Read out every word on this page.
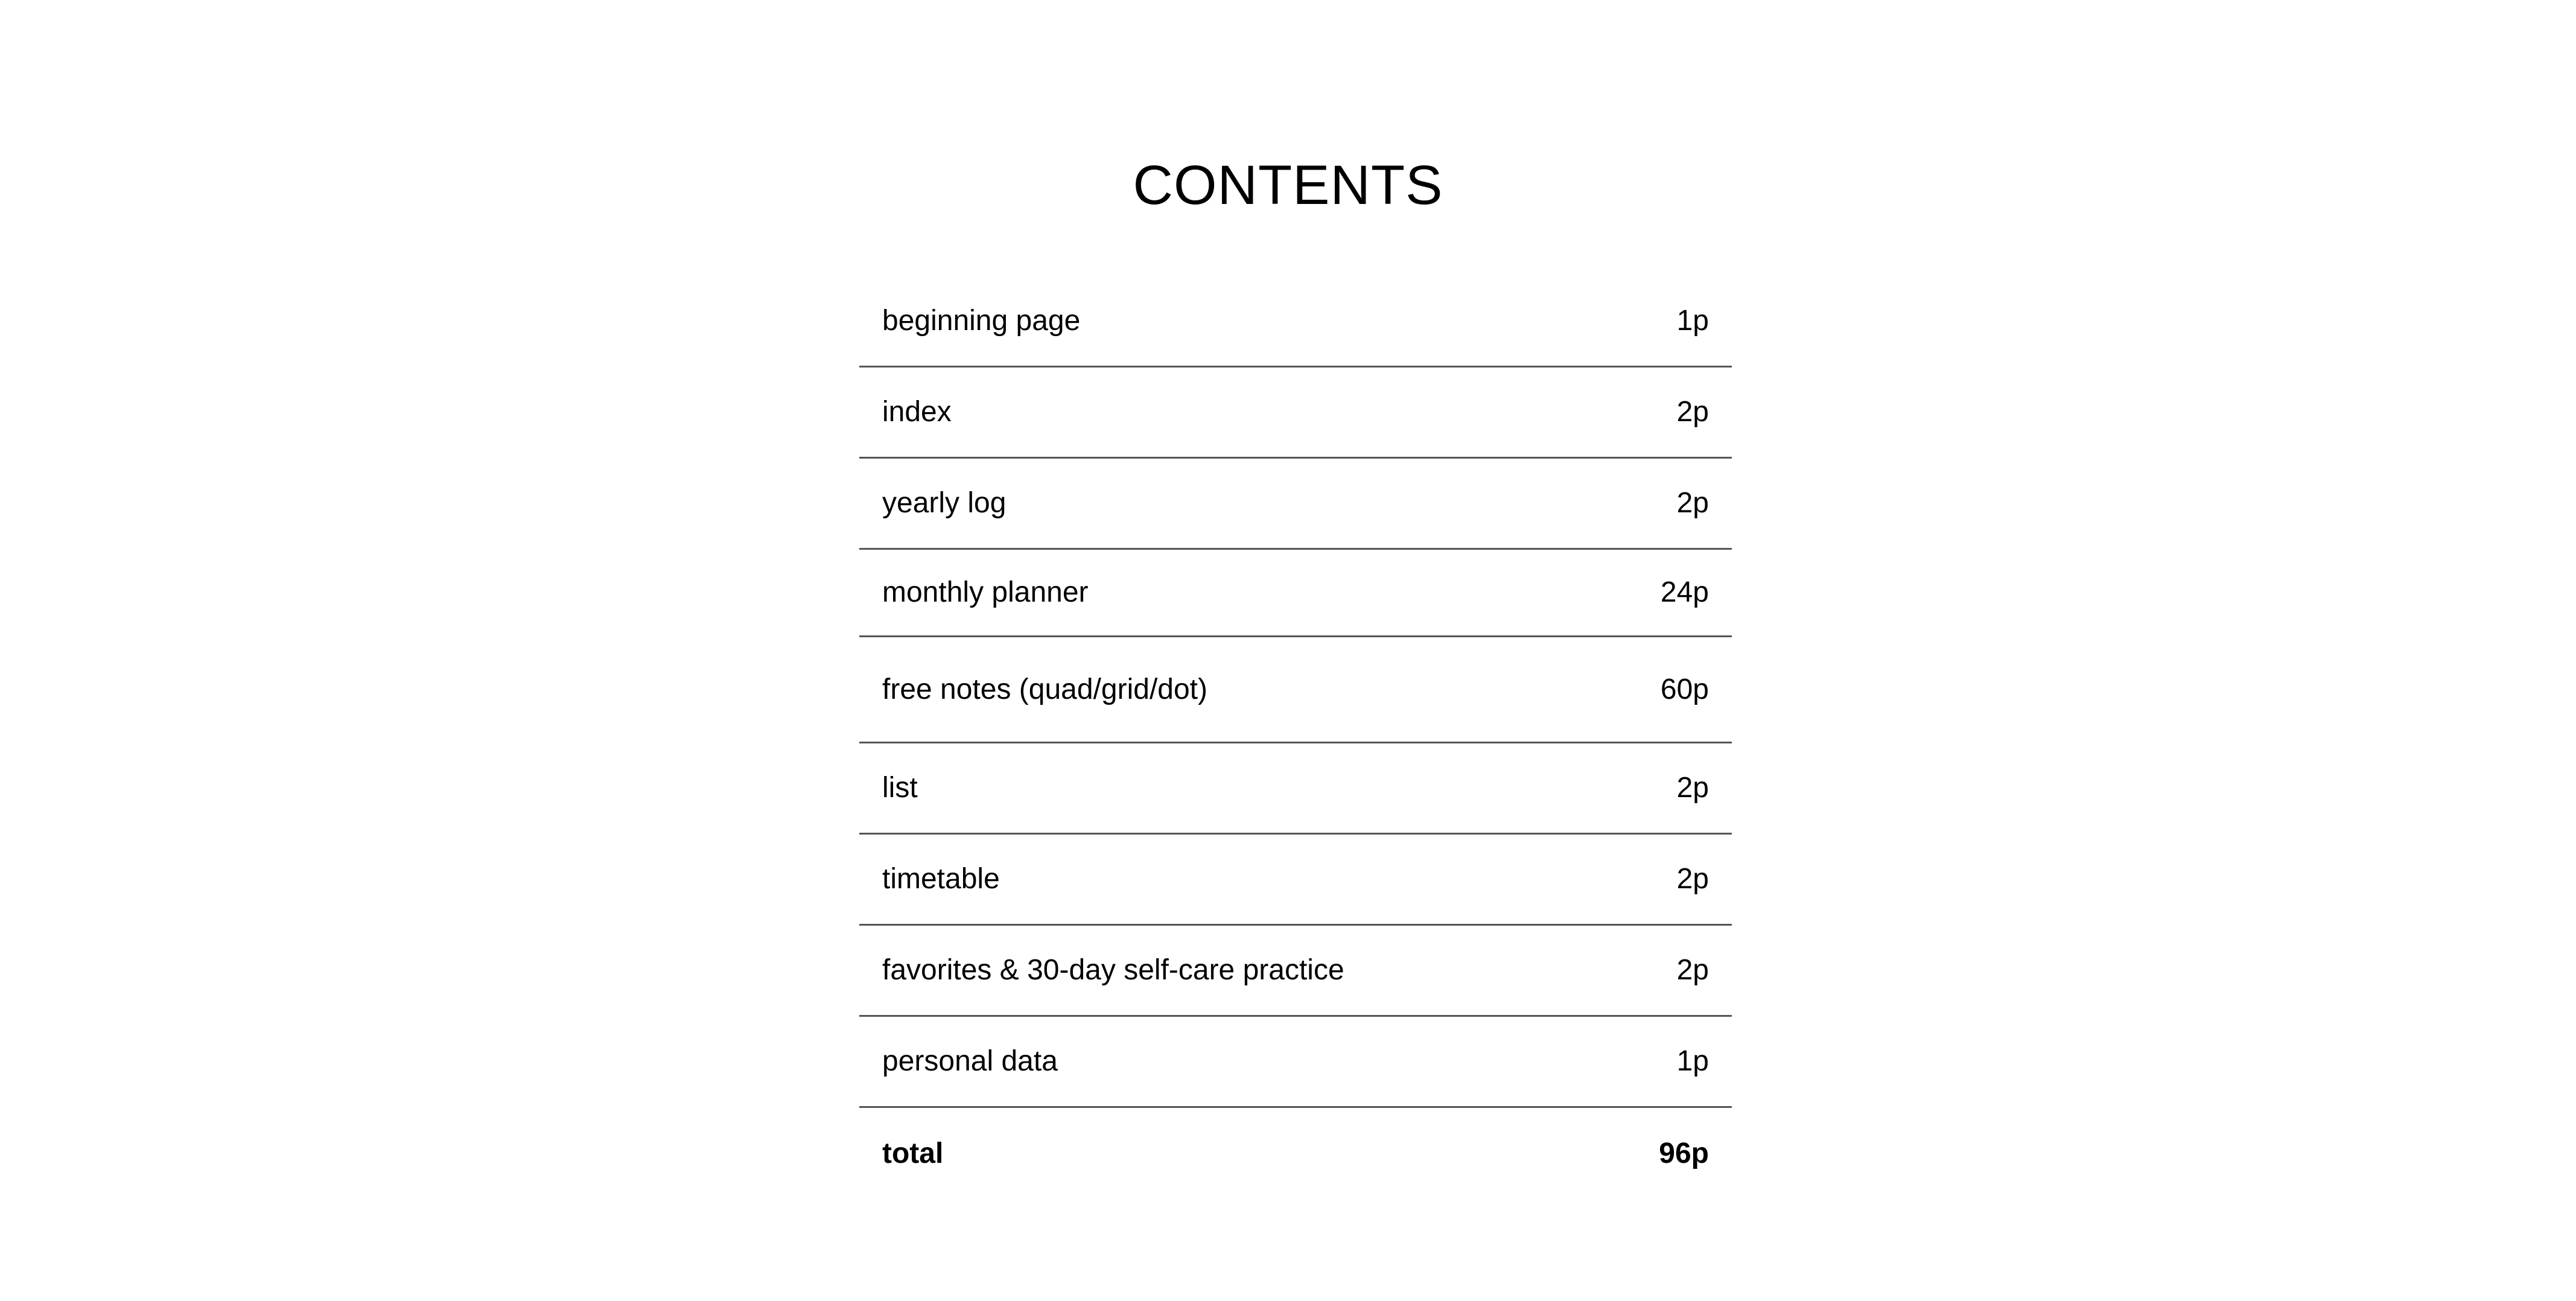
CONTENTS
beginning page	1p
index	2p
yearly log	2p
monthly planner	24p
free notes (quad/grid/dot)	60p
list	2p
timetable	2p
favorites & 30-day self-care practice	2p
personal data	1p
total	96p
